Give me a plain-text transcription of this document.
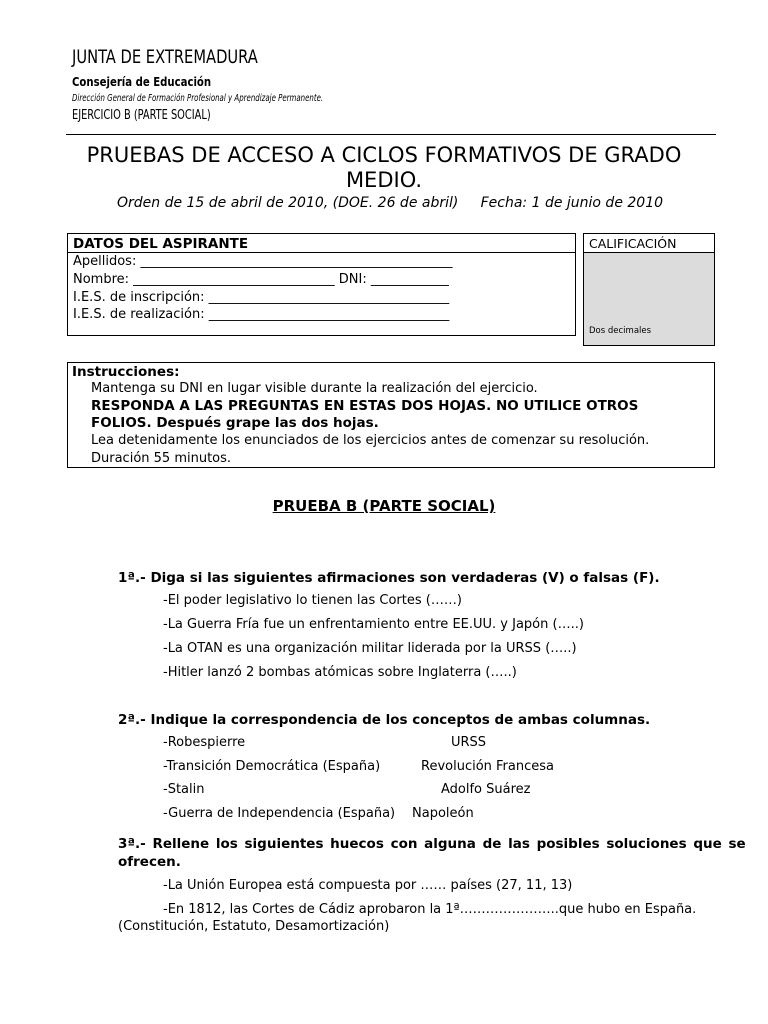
JUNTA DE EXTREMADURA
Consejería de Educación
Dirección General de Formación Profesional y Aprendizaje Permanente.
EJERCICIO B (PARTE SOCIAL)
PRUEBAS DE ACCESO A CICLOS FORMATIVOS DE GRADO
MEDIO.
Orden de 15 de abril de 2010, (DOE. 26 de abril)     Fecha: 1 de junio de 2010
DATOS DEL ASPIRANTE
Apellidos: ________________________________________________
Nombre: _______________________________ DNI: ____________
I.E.S. de inscripción: _____________________________________
I.E.S. de realización: _____________________________________
CALIFICACIÓN
Dos decimales
Instrucciones:
Mantenga su DNI en lugar visible durante la realización del ejercicio.
RESPONDA A LAS PREGUNTAS EN ESTAS DOS HOJAS. NO UTILICE OTROS
FOLIOS. Después grape las dos hojas.
Lea detenidamente los enunciados de los ejercicios antes de comenzar su resolución.
Duración 55 minutos.
PRUEBA B (PARTE SOCIAL)
1ª.- Diga si las siguientes afirmaciones son verdaderas (V) o falsas (F).
-El poder legislativo lo tienen las Cortes (……)
-La Guerra Fría fue un enfrentamiento entre EE.UU. y Japón (…..)
-La OTAN es una organización militar liderada por la URSS (…..)
-Hitler lanzó 2 bombas atómicas sobre Inglaterra (…..)
2ª.- Indique la correspondencia de los conceptos de ambas columnas.
-Robespierre	URSS
-Transición Democrática (España)	Revolución Francesa
-Stalin	Adolfo Suárez
-Guerra de Independencia (España) Napoleón
3ª.- Rellene los siguientes huecos con alguna de las posibles soluciones que se
ofrecen.
-La Unión Europea está compuesta por …… países (27, 11, 13)
-En 1812, las Cortes de Cádiz aprobaron la 1ª…………………..que hubo en España.
(Constitución, Estatuto, Desamortización)
